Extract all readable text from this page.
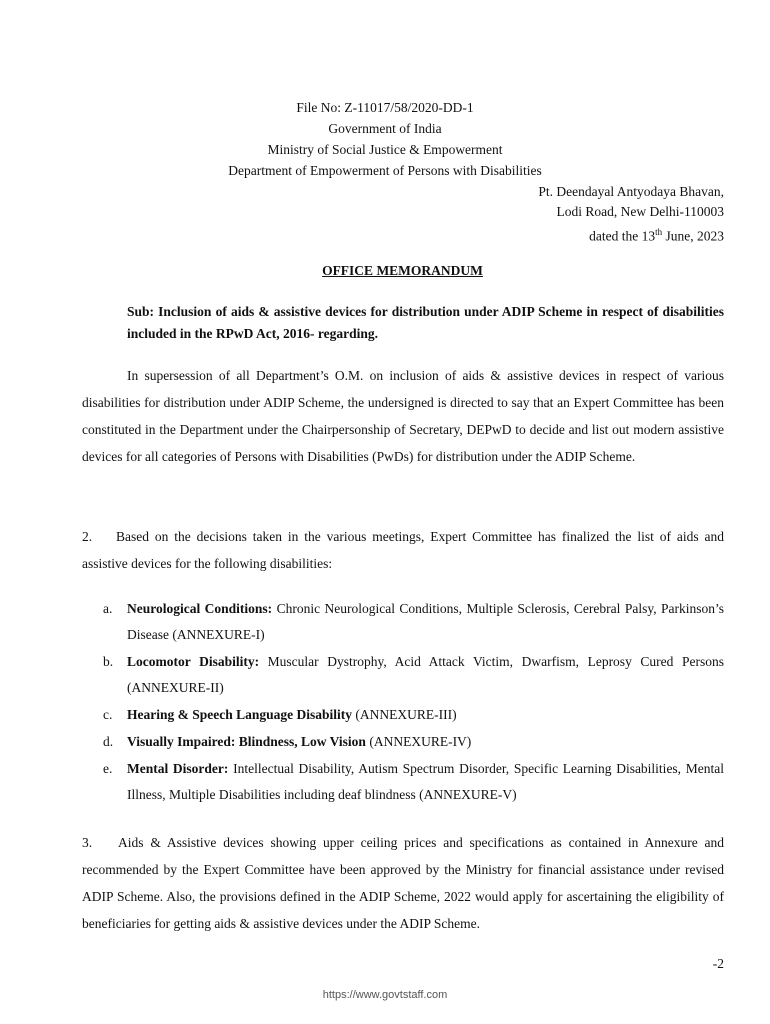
File No: Z-11017/58/2020-DD-1
Government of India
Ministry of Social Justice & Empowerment
Department of Empowerment of Persons with Disabilities
Pt. Deendayal Antyodaya Bhavan,
Lodi Road, New Delhi-110003
dated the 13th June, 2023
OFFICE MEMORANDUM
Sub: Inclusion of aids & assistive devices for distribution under ADIP Scheme in respect of disabilities included in the RPwD Act, 2016- regarding.
In supersession of all Department’s O.M. on inclusion of aids & assistive devices in respect of various disabilities for distribution under ADIP Scheme, the undersigned is directed to say that an Expert Committee has been constituted in the Department under the Chairpersonship of Secretary, DEPwD to decide and list out modern assistive devices for all categories of Persons with Disabilities (PwDs) for distribution under the ADIP Scheme.
2. Based on the decisions taken in the various meetings, Expert Committee has finalized the list of aids and assistive devices for the following disabilities:
a. Neurological Conditions: Chronic Neurological Conditions, Multiple Sclerosis, Cerebral Palsy, Parkinson’s Disease (ANNEXURE-I)
b. Locomotor Disability: Muscular Dystrophy, Acid Attack Victim, Dwarfism, Leprosy Cured Persons (ANNEXURE-II)
c. Hearing & Speech Language Disability (ANNEXURE-III)
d. Visually Impaired: Blindness, Low Vision (ANNEXURE-IV)
e. Mental Disorder: Intellectual Disability, Autism Spectrum Disorder, Specific Learning Disabilities, Mental Illness, Multiple Disabilities including deaf blindness (ANNEXURE-V)
3. Aids & Assistive devices showing upper ceiling prices and specifications as contained in Annexure and recommended by the Expert Committee have been approved by the Ministry for financial assistance under revised ADIP Scheme. Also, the provisions defined in the ADIP Scheme, 2022 would apply for ascertaining the eligibility of beneficiaries for getting aids & assistive devices under the ADIP Scheme.
-2
https://www.govtstaff.com
